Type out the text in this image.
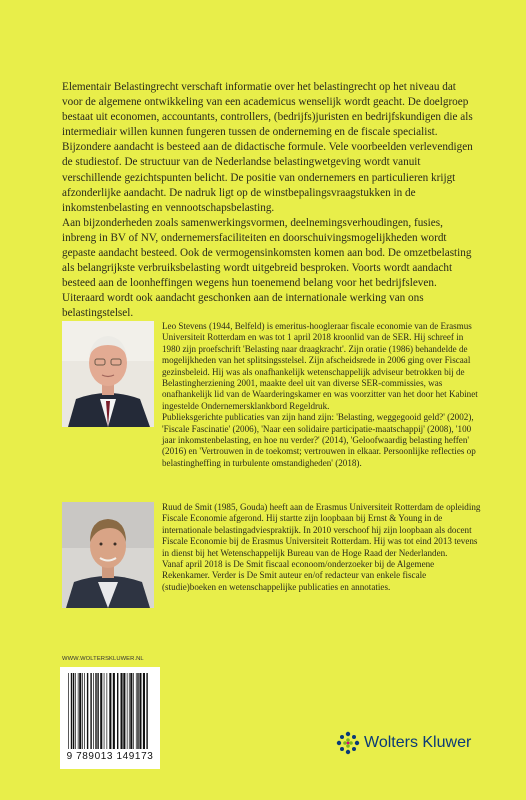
Elementair Belastingrecht verschaft informatie over het belastingrecht op het niveau dat voor de algemene ontwikkeling van een academicus wenselijk wordt geacht. De doelgroep bestaat uit economen, accountants, controllers, (bedrijfs)juristen en bedrijfskundigen die als intermediair willen kunnen fungeren tussen de onderneming en de fiscale specialist. Bijzondere aandacht is besteed aan de didactische formule. Vele voorbeelden verlevendigen de studiestof. De structuur van de Nederlandse belastingwetgeving wordt vanuit verschillende gezichtspunten belicht. De positie van ondernemers en particulieren krijgt afzonderlijke aandacht. De nadruk ligt op de winstbepalingsvraagstukken in de inkomstenbelasting en vennootschapsbelasting.

Aan bijzonderheden zoals samenwerkingsvormen, deelnemingsverhoudingen, fusies, inbreng in BV of NV, ondernemersfaciliteiten en doorschuivingsmogelijkheden wordt gepaste aandacht besteed. Ook de vermogensinkomsten komen aan bod. De omzetbelasting als belangrijkste verbruiksbelasting wordt uitgebreid besproken. Voorts wordt aandacht besteed aan de loonheffingen wegens hun toenemend belang voor het bedrijfsleven. Uiteraard wordt ook aandacht geschonken aan de internationale werking van ons belastingstelsel.

Leo Stevens (1944, Belfeld) is emeritus-hoogleraar fiscale economie van de Erasmus Universiteit Rotterdam en was tot 1 april 2018 kroonlid van de SER. Hij schreef in 1980 zijn proefschrift 'Belasting naar draagkracht'. Zijn oratie (1986) behandelde de mogelijkheden van het splitsingsstelsel. Zijn afscheidsrede in 2006 ging over Fiscaal gezinsbeleid. Hij was als onafhankelijk wetenschappelijk adviseur betrokken bij de Belastingherziening 2001, maakte deel uit van diverse SER-commissies, was onafhankelijk lid van de Waarderingskamer en was voorzitter van het door het Kabinet ingestelde Ondernemersklankbord Regeldruk.

Publieksgerichte publicaties van zijn hand zijn: 'Belasting, weggegooid geld?' (2002), 'Fiscale Fascinatie' (2006), 'Naar een solidaire participatie-maatschappij' (2008), '100 jaar inkomstenbelasting, en hoe nu verder?' (2014), 'Geloofwaardig belasting heffen' (2016) en 'Vertrouwen in de toekomst; vertrouwen in elkaar. Persoonlijke reflecties op belastingheffing in turbulente omstandigheden' (2018).

Ruud de Smit (1985, Gouda) heeft aan de Erasmus Universiteit Rotterdam de opleiding Fiscale Economie afgerond. Hij startte zijn loopbaan bij Ernst & Young in de internationale belastingadviespraktijk. In 2010 verschoof hij zijn loopbaan als docent Fiscale Economie bij de Erasmus Universiteit Rotterdam. Hij was tot eind 2013 tevens in dienst bij het Wetenschappelijk Bureau van de Hoge Raad der Nederlanden.

Vanaf april 2018 is De Smit fiscaal econoom/onderzoeker bij de Algemene Rekenkamer. Verder is De Smit auteur en/of redacteur van enkele fiscale (studie)boeken en wetenschappelijke publicaties en annotaties.

WWW.WOLTERSKLUWER.NL
9 789013 149173
Wolters Kluwer
